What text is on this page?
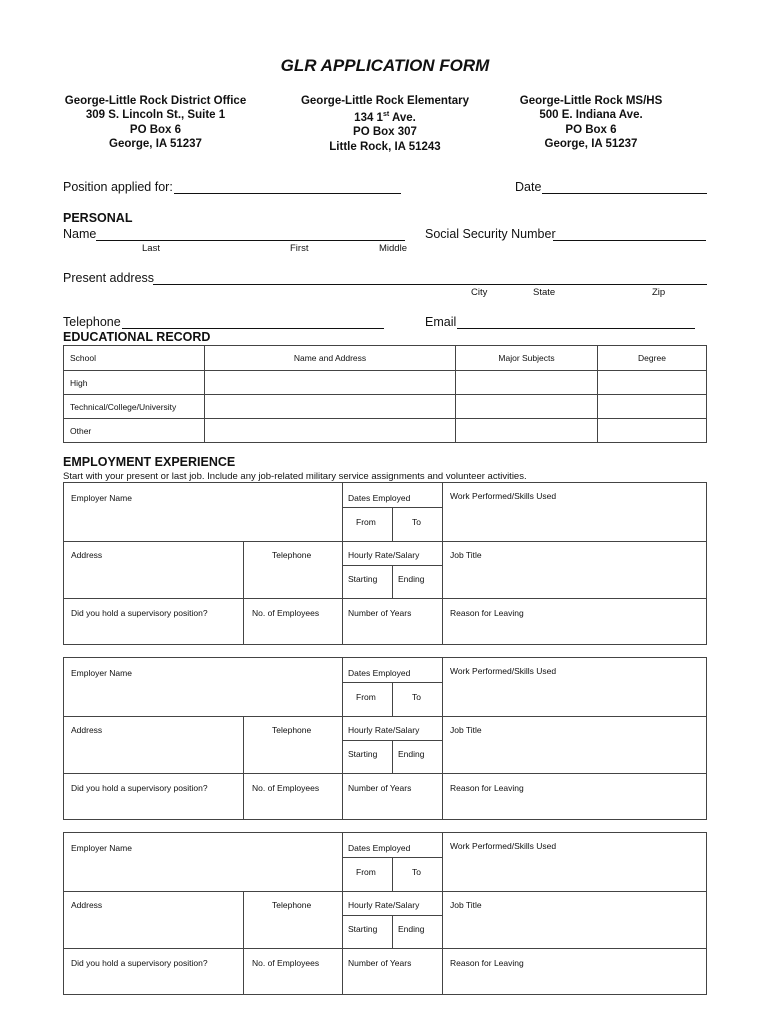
GLR APPLICATION FORM
George-Little Rock District Office
309 S. Lincoln St., Suite 1
PO Box 6
George, IA 51237
George-Little Rock Elementary
134 1st Ave.
PO Box 307
Little Rock, IA 51243
George-Little Rock MS/HS
500 E. Indiana Ave.
PO Box 6
George, IA 51237
Position applied for:	Date
PERSONAL
Name
Last	First	Middle
Social Security Number
Present address
City	State	Zip
Telephone	Email
EDUCATIONAL RECORD
School	Name and Address	Major Subjects	Degree
High			
Technical/College/University			
Other			
EMPLOYMENT EXPERIENCE
Start with your present or last job. Include any job-related military service assignments and volunteer activities.
Employer Name	Dates Employed	Work Performed/Skills Used
From	To
Address	Telephone	Hourly Rate/Salary	Job Title
Starting Ending
Did you hold a supervisory position?	No. of Employees	Number of Years	Reason for Leaving
Employer Name	Dates Employed	Work Performed/Skills Used
From	To
Address	Telephone	Hourly Rate/Salary	Job Title
Starting Ending
Did you hold a supervisory position?	No. of Employees	Number of Years	Reason for Leaving
Employer Name	Dates Employed	Work Performed/Skills Used
From	To
Address	Telephone	Hourly Rate/Salary	Job Title
Starting Ending
Did you hold a supervisory position?	No. of Employees	Number of Years	Reason for Leaving
